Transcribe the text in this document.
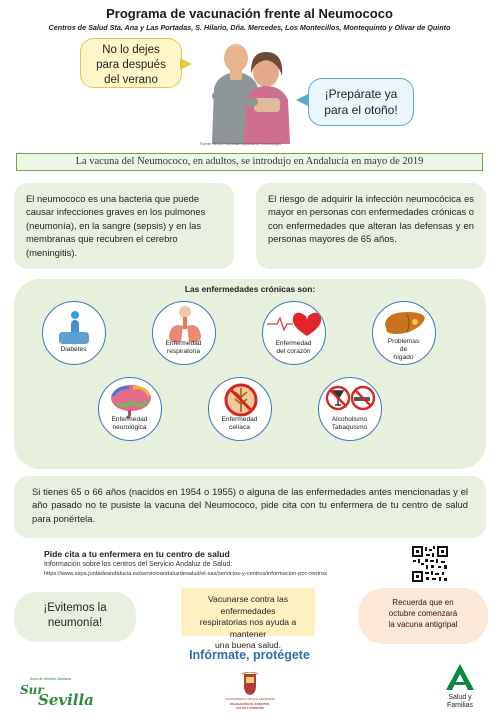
Programa de vacunación frente al Neumococo
Centros de Salud Sta. Ana y Las Portadas, S. Hilario, Dña. Mercedes, Los Montecillos, Montequinto y Olivar de Quinto
No lo dejes
para después
del verano
¡Prepárate ya
para el otoño!
Fuente: SEGG, Sociedad Española de Gerontología
La vacuna del Neumococo, en adultos, se introdujo en Andalucía en mayo de 2019
El neumococo es una bacteria que puede causar infecciones graves en los pulmones (neumonía), en la sangre (sepsis) y en las membranas que recubren el cerebro (meningitis).
El riesgo de adquirir la infección neumocócica es mayor en personas con enfermedades crónicas o con enfermedades que alteran las defensas y en personas mayores de 65 años.
Las enfermedades crónicas son:
Diabetes
Enfermedad
respiratoria
Enfermedad
del corazón
Problemas
de
hígado
Enfermedad
neurológica
Enfermedad
celíaca
Alcoholismo
Tabaquismo
Si tienes 65 o 66 años (nacidos en 1954 o 1955) o alguna de las enfermedades antes mencionadas y el año pasado no te pusiste la vacuna del Neumococo, pide cita con tu enfermera de tu centro de salud para ponértela.
Pide cita a tu enfermera en tu centro de salud
Información sobre los centros del Servicio Andaluz de Salud:
https://www.sspa.juntadeandalucia.es/servicioandaluzdesalud/el-sas/servicios-y-centros/informacion-por-centros
¡Evitemos la
neumonía!
Vacunarse contra las enfermedades
respiratorias nos ayuda a mantener
una buena salud.
Recuerda que en
octubre comenzará
la vacuna antigripal
Infórmate, protégete
Área de Gestión Sanitaria
Sur
Sevilla	AYUNTAMIENTO DE DOS HERMANAS
DELEGACIÓN DE JUVENTUD,
SALUD Y CONSUMO
Salud y
Familias
